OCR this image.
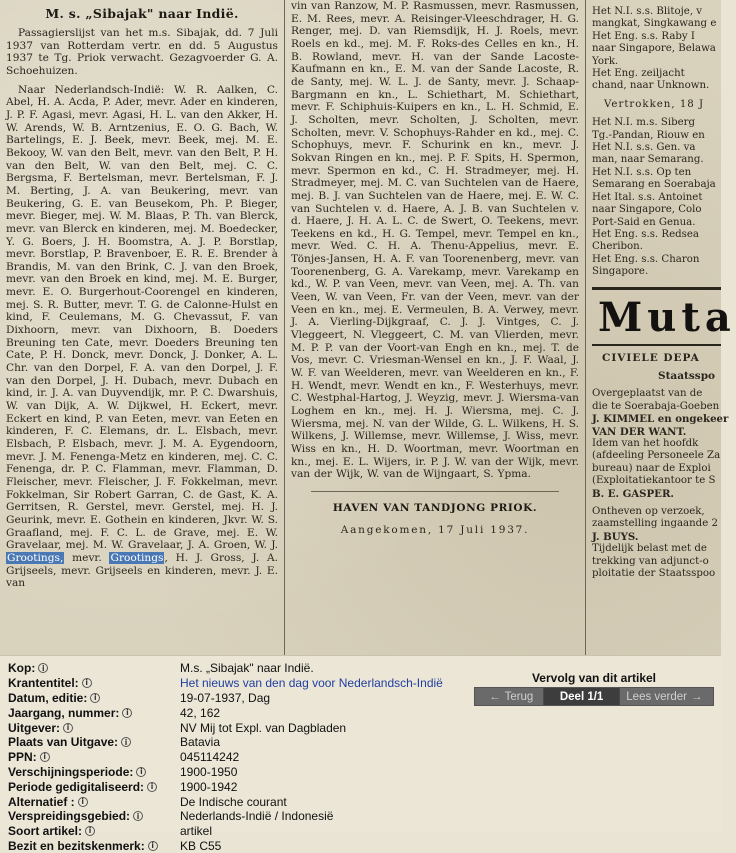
M. s. „Sibajak" naar Indië.

Passagierslijst van het m.s. Sibajak, dd. 7 Juli 1937 van Rotterdam vertr. en dd. 5 Augustus 1937 te Tg. Priok verwacht. Gezagvoerder G. A. Schoehuizen.

Naar Nederlandsch-Indië: W. R. Aalken, C. Abel, H. A. Acda, P. Ader, mevr. Ader en kinderen, J. P. F. Agasi, mevr. Agasi, H. L. van den Akker, H. W. Arends, W. B. Arntzenius, E. O. G. Bach, W. Bartelings, E. J. Beek, mevr. Beek, mej. M. E. Bekooy, W. van den Belt, mevr. van den Belt, P. H. van den Belt, W. van den Belt, mej. C. C. Bergsma, F. Bertelsman, mevr. Bertelsman, F. J. M. Berting, J. A. van Beukering, mevr. van Beukering, G. E. van Beusekom, Ph. P. Bieger, mevr. Bieger, mej. W. M. Blaas, P. Th. van Blerck, mevr. van Blerck en kinderen, mej. M. Boedecker, Y. G. Boers, J. H. Boomstra, A. J. P. Borstlap, mevr. Borstlap, P. Bravenboer, E. R. E. Brender à Brandis, M. van den Brink, C. J. van den Broek, mevr. van den Broek en kind, mej. M. E. Burger, mevr. E. O. Burgerhout-Coorengel en kinderen, mej. S. R. Butter, mevr. T. G. de Calonne-Hulst en kind, F. Ceulemans, M. G. Chevassut, F. van Dixhoorn, mevr. van Dixhoorn, B. Doeders Breuning ten Cate, mevr. Doeders Breuning ten Cate, P. H. Donck, mevr. Donck, J. Donker, A. L. Chr. van den Dorpel, F. A. van den Dorpel, J. F. van den Dorpel, J. H. Dubach, mevr. Dubach en kind, ir. J. A. van Duyvendijk, mr. P. C. Dwarshuis, W. van Dijk, A. W. Dijkwel, H. Eckert, mevr. Eckert en kind, P. van Eeten, mevr. van Eeten en kinderen, F. C. Elemans, dr. L. Elsbach, mevr. Elsbach, P. Elsbach, mevr. J. M. A. Eygendoorn, mevr. J. M. Fenenga-Metz en kinderen, mej. C. C. Fenenga, dr. P. C. Flamman, mevr. Flamman, D. Fleischer, mevr. Fleischer, J. F. Fokkelman, mevr. Fokkelman, Sir Robert Garran, C. de Gast, K. A. Gerritsen, R. Gerstel, mevr. Gerstel, mej. H. J. Geurink, mevr. E. Gothein en kinderen, Jkvr. W. S. Graafland, mej. F. C. L. de Grave, mej. E. W. Gravelaar, mej. M. W. Gravelaar, J. A. Groen, W. J. Grootings, mevr. Grootings, H. J. Gross, J. A. Grijseels, mevr. Grijseels en kinderen, mevr. J. E. van

vin van Ranzow, M. P. Rasmussen, mevr. Rasmussen, E. M. Rees, mevr. A. Reisinger-Vleeschdrager, H. G. Renger, mej. D. van Riemsdijk, H. J. Roels, mevr. Roels en kd., mej. M. F. Roks-des Celles en kn., H. B. Rowland, mevr. H. van der Sande Lacoste-Kaufmann en kn., E. M. van der Sande Lacoste, R. de Santy, mej. W. L. J. de Santy, mevr. J. Schaap-Bargmann en kn., L. Schiethart, M. Schiethart, mevr. F. Schiphuis-Kuipers en kn., L. H. Schmid, E. J. Scholten, mevr. Scholten, J. Scholten, mevr. Scholten, mevr. V. Schophuys-Rahder en kd., mej. C. Schophuys, mevr. F. Schurink en kn., mevr. J. Sokvan Ringen en kn., mej. P. F. Spits, H. Spermon, mevr. Spermon en kd., C. H. Stradmeyer, mej. H. Stradmeyer, mej. M. C. van Suchtelen van de Haere, mej. B. J. van Suchtelen van de Haere, mej. E. W. C. van Suchtelen v. d. Haere, A. J. B. van Suchtelen v. d. Haere, J. H. A. L. C. de Swert, O. Teekens, mevr. Teekens en kd., H. G. Tempel, mevr. Tempel en kn., mevr. Wed. C. H. A. Thenu-Appelius, mevr. E. Tönjes-Jansen, H. A. F. van Toorenenberg, mevr. van Toorenenberg, G. A. Varekamp, mevr. Varekamp en kd., W. P. van Veen, mevr. van Veen, mej. A. Th. van Veen, W. van Veen, Fr. van der Veen, mevr. van der Veen en kn., mej. E. Vermeulen, B. A. Verwey, mevr. J. A. Vierling-Dijkgraaf, C. J. J. Vintges, C. J. Vleggeert, N. Vleggeert, C. M. van Vlierden, mevr. M. P. P. van der Voort-van Engh en kn., mej. T. de Vos, mevr. C. Vriesman-Wensel en kn., J. F. Waal, J. W. F. van Weelderen, mevr. van Weelderen en kn., F. H. Wendt, mevr. Wendt en kn., F. Westerhuys, mevr. C. Westphal-Hartog, J. Weyzig, mevr. J. Wiersma-van Loghem en kn., mej. H. J. Wiersma, mej. C. J. Wiersma, mej. N. van der Wilde, G. L. Wilkens, H. S. Wilkens, J. Willemse, mevr. Willemse, J. Wiss, mevr. Wiss en kn., H. D. Woortman, mevr. Woortman en kn., mej. E. L. Wijers, ir. P. J. W. van der Wijk, mevr. van der Wijk, W. van de Wijngaart, S. Ypma.

HAVEN VAN TANDJONG PRIOK.
Aangekomen, 17 Juli 1937.

Het N.I. s.s. Blitoje, v

mangkat, Singkawang e

Het Eng. s.s. Raby I

naar Singapore, Belawa

York.

Het Eng. zeiljacht

chand, naar Unknown.

Vertrokken, 18 J

Het N.I. m.s. Siberg

Tg.-Pandan, Riouw en

Het N.I. s.s. Gen. va

man, naar Semarang.

Het N.I. s.s. Op ten

Semarang en Soerabaja

Het Ital. s.s. Antoinet

naar Singapore, Colo

Port-Said en Genua.

Het Eng. s.s. Redsea

Cheribon.

Het Eng. s.s. Charon

Singapore.

Muta

CIVIELE DEPA

Staatsspo

Overgeplaatst van de

die te Soerabaja-Goeben

J. KIMMEL en ongekeer

VAN DER WANT.

Idem van het hoofdk

(afdeeling Personeele Za

bureau) naar de Exploi

(Exploitatiekantoor te S

B. E. GASPER.

Ontheven op verzoek,

zaamstelling ingaande 2

J. BUYS.

Tijdelijk belast met de

trekking van adjunct-o

ploitatie der Staatsspoo

Kop: i	M.s. „Sibajak" naar Indië.
Krantentitel: i	Het nieuws van den dag voor Nederlandsch-Indië
Datum, editie: i	19-07-1937, Dag
Jaargang, nummer: i	42, 162
Uitgever: i	NV Mij tot Expl. van Dagbladen
Plaats van Uitgave: i	Batavia
PPN: i	045114242
Verschijningsperiode: i	1900-1950
Periode gedigitaliseerd: i	1900-1942
Alternatief : i	De Indische courant
Verspreidingsgebied: i	Nederlands-Indië / Indonesië
Soort artikel: i	artikel
Bezit en bezitskenmerk: i	KB C55
Vervolg van dit artikel
← Terug	Deel 1/1	Lees verder →
